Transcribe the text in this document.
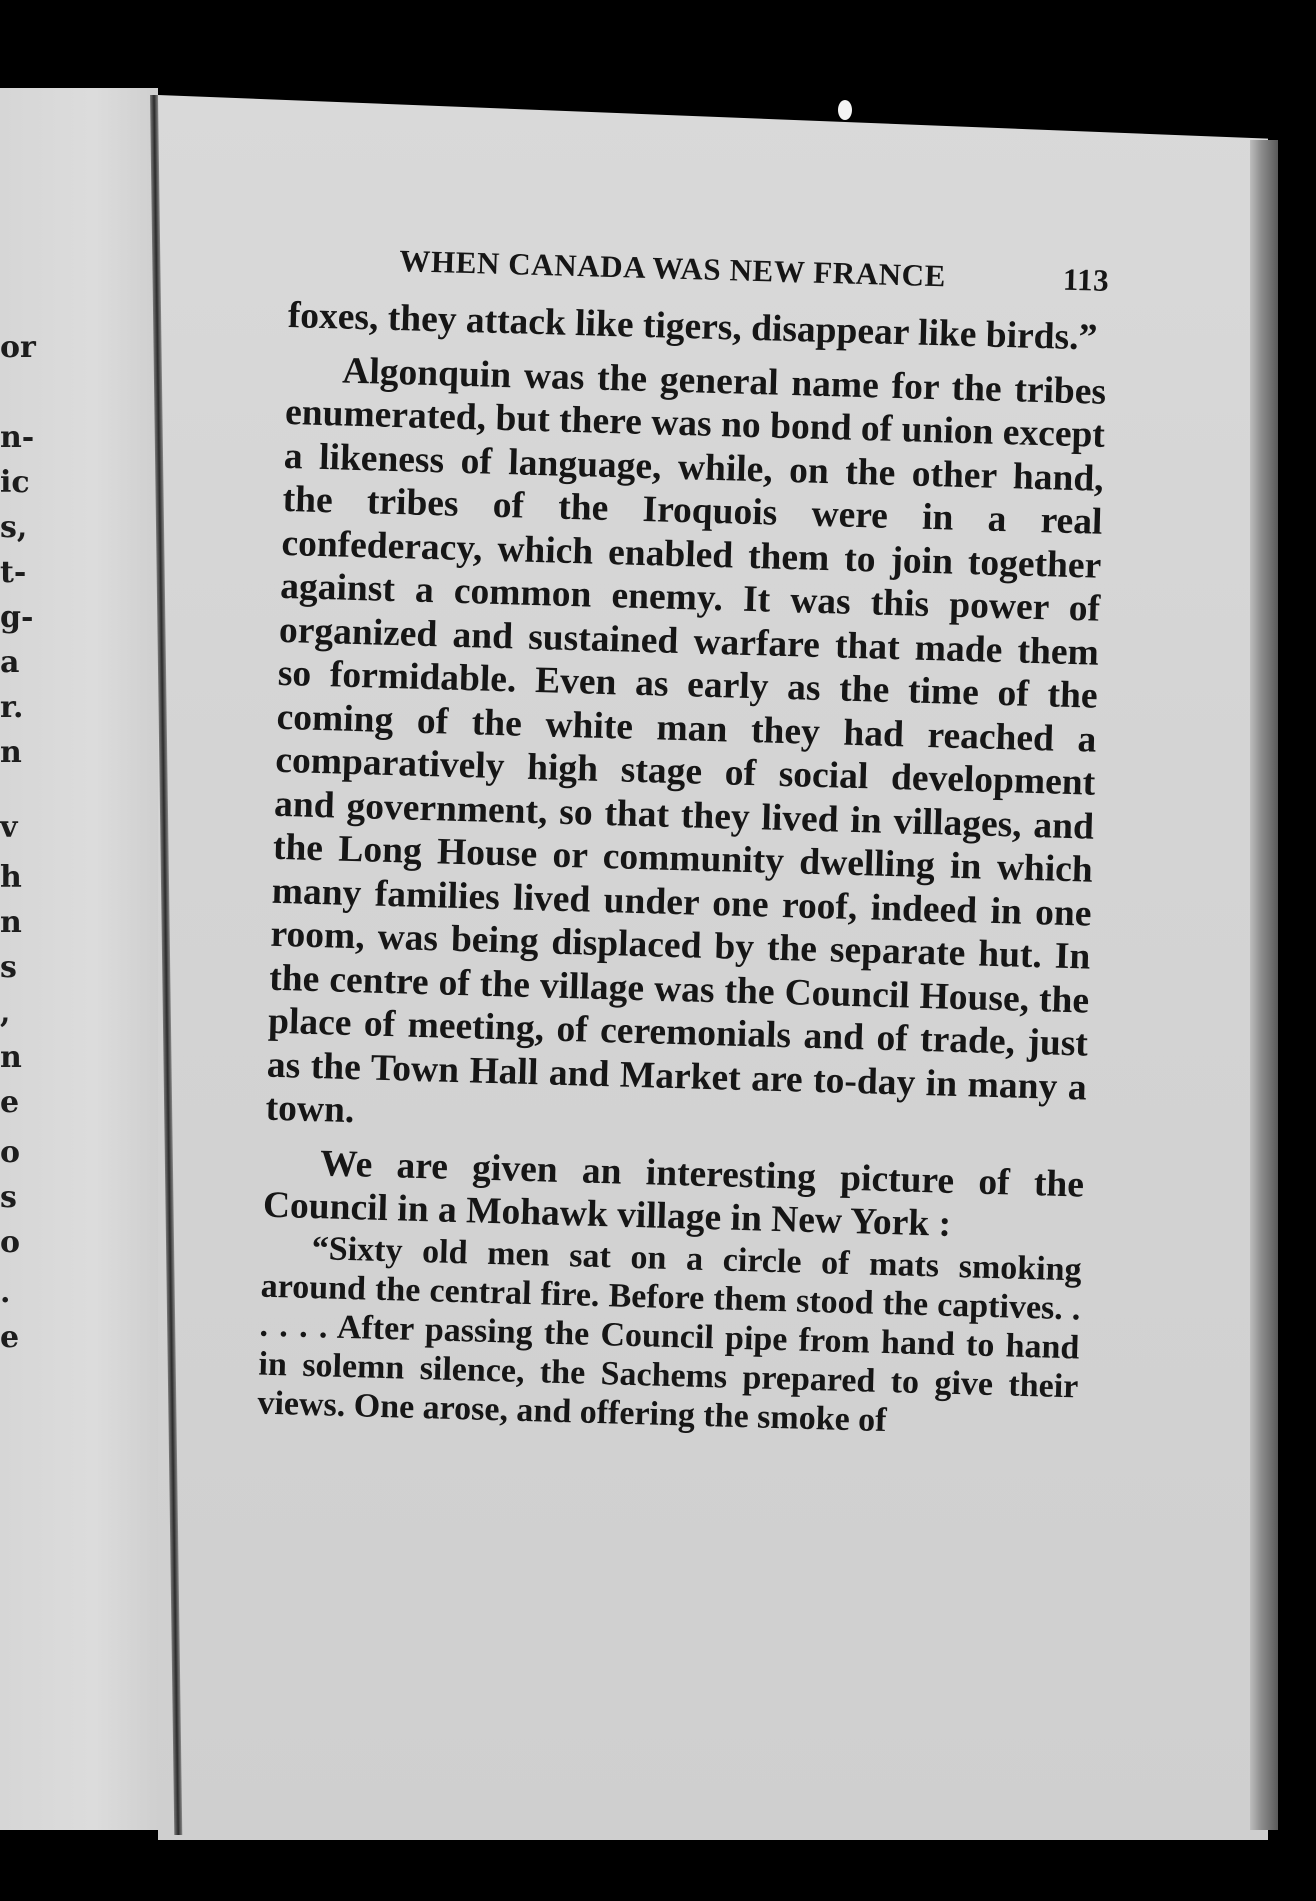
or
n-
ic
s,
t-
g-
a
r.
n
v
h
n
s
,
n
e
o
s
o
.
e
WHEN CANADA WAS NEW FRANCE	113

foxes, they attack like tigers, disappear like birds.”

Algonquin was the general name for the tribes enumerated, but there was no bond of union except a likeness of language, while, on the other hand, the tribes of the Iroquois were in a real confederacy, which enabled them to join together against a common enemy. It was this power of organized and sustained warfare that made them so formidable. Even as early as the time of the coming of the white man they had reached a comparatively high stage of social development and government, so that they lived in villages, and the Long House or community dwelling in which many families lived under one roof, indeed in one room, was being displaced by the separate hut. In the centre of the village was the Council House, the place of meeting, of ceremonials and of trade, just as the Town Hall and Market are to-day in many a town.

We are given an interesting picture of the Council in a Mohawk village in New York :

“Sixty old men sat on a circle of mats smoking around the central fire. Before them stood the captives. . . . . . After passing the Council pipe from hand to hand in solemn silence, the Sachems prepared to give their views. One arose, and offering the smoke of
